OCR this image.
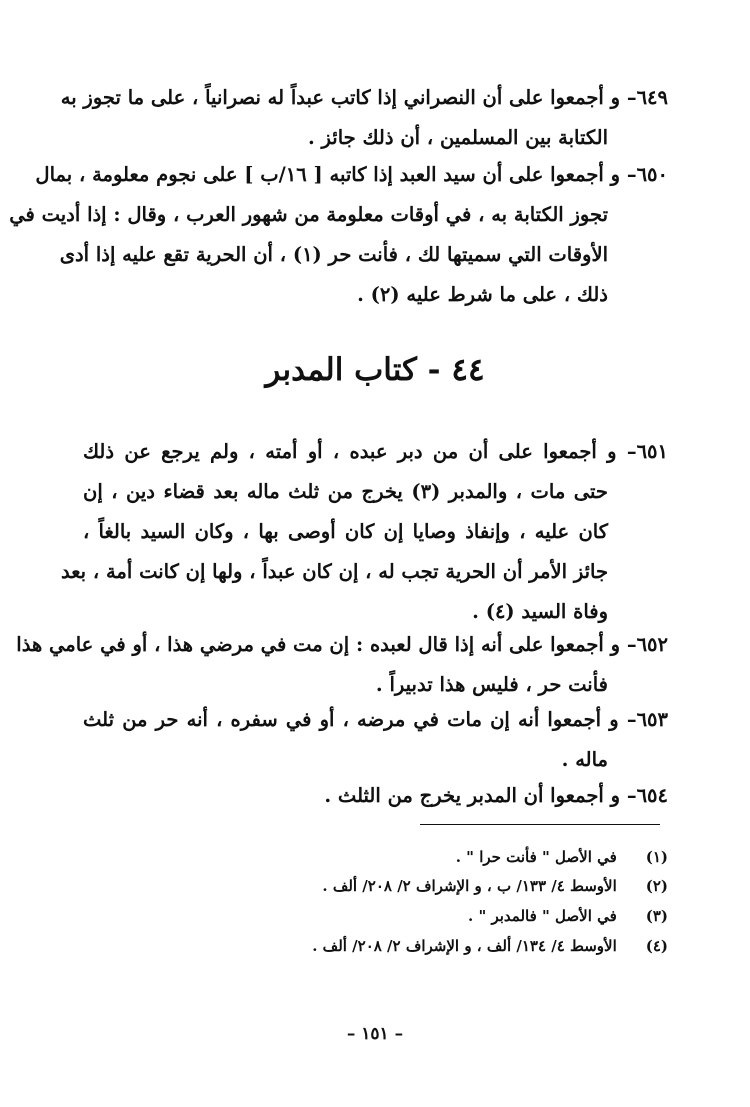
٦٤٩– و أجمعوا على أن النصراني إذا كاتب عبداً له نصرانياً ، على ما تجوز به
الكتابة بين المسلمين ، أن ذلك جائز .
٦٥٠– و أجمعوا على أن سيد العبد إذا كاتبه [ ١٦/ب ] على نجوم معلومة ، بمال
تجوز الكتابة به ، في أوقات معلومة من شهور العرب ، وقال : إذا أديت في
الأوقات التي سميتها لك ، فأنت حر (١) ، أن الحرية تقع عليه إذا أدى
ذلك ، على ما شرط عليه (٢) .
٤٤ - كتاب المدبر
٦٥١– و أجمعوا على أن من دبر عبده ، أو أمته ، ولم يرجع عن ذلك
حتى مات ، والمدبر (٣) يخرج من ثلث ماله بعد قضاء دين ، إن
كان عليه ، وإنفاذ وصايا إن كان أوصى بها ، وكان السيد بالغاً ،
جائز الأمر أن الحرية تجب له ، إن كان عبداً ، ولها إن كانت أمة ، بعد
وفاة السيد (٤) .
٦٥٢– و أجمعوا على أنه إذا قال لعبده : إن مت في مرضي هذا ، أو في عامي هذا
فأنت حر ، فليس هذا تدبيراً .
٦٥٣– و أجمعوا أنه إن مات في مرضه ، أو في سفره ، أنه حر من ثلث
ماله .
٦٥٤– و أجمعوا أن المدبر يخرج من الثلث .
(١) في الأصل " فأنت حرا " .
(٢) الأوسط ٤/ ١٣٣/ ب ، و الإشراف ٢/ ٢٠٨/ ألف .
(٣) في الأصل " فالمدبر " .
(٤) الأوسط ٤/ ١٣٤/ ألف ، و الإشراف ٢/ ٢٠٨/ ألف .
– ١٥١ –
